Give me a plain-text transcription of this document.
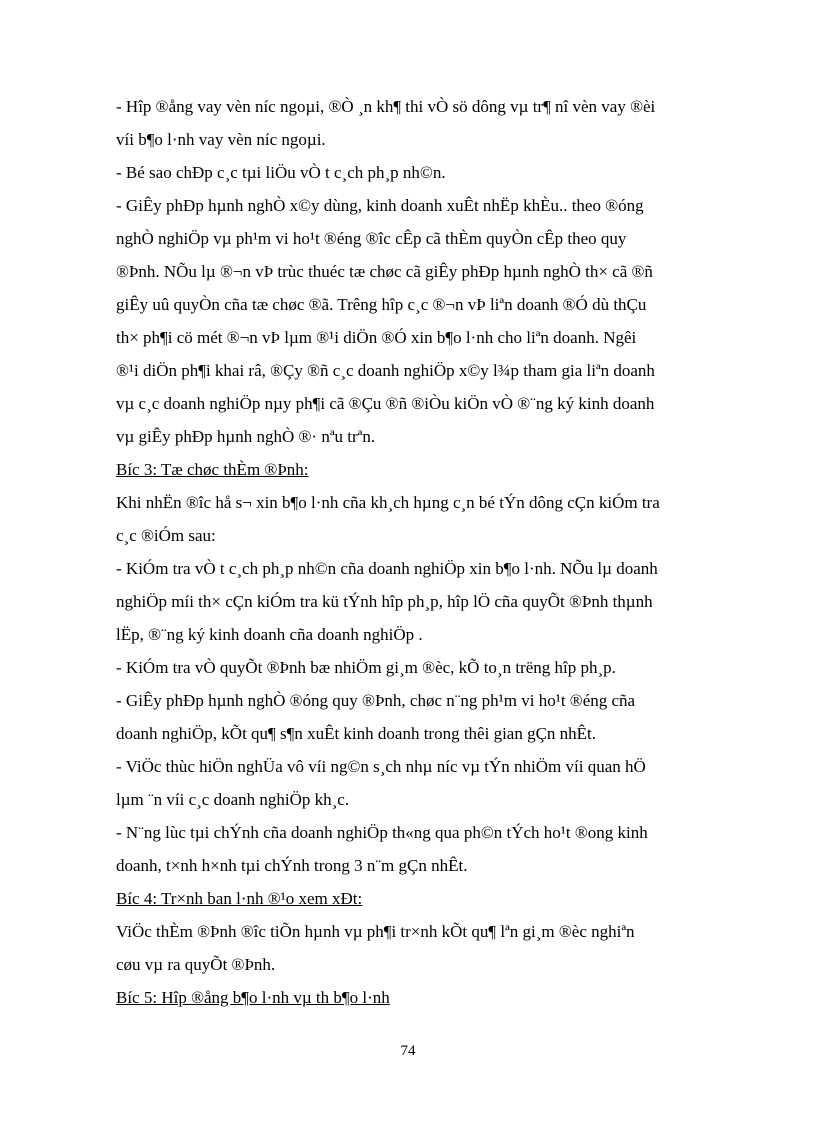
- Hîp ®ång vay vèn níc ngoµi, ®Ò ¸n kh¶ thi vÒ sö dông vµ tr¶ nî vèn vay ®èi
víi b¶o l·nh vay vèn níc ngoµi.
- Bé sao chÐp c¸c tµi liÖu vÒ t c¸ch ph¸p nh©n.
- GiÊy phÐp hµnh nghÒ x©y dùng, kinh doanh xuÊt nhËp khÈu.. theo ®óng
nghÒ nghiÖp vµ ph¹m vi ho¹t ®éng ®îc cÊp cã thÈm quyÒn cÊp theo quy
®Þnh. NÕu lµ ®¬n vÞ trùc thuéc tæ chøc cã giÊy phÐp hµnh nghÒ th× cã ®ñ
giÊy uû quyÒn cña tæ chøc ®ã. Trêng hîp c¸c ®¬n vÞ liªn doanh ®Ó dù thÇu
th× ph¶i cö mét ®¬n vÞ lµm ®¹i diÖn ®Ó xin b¶o l·nh cho liªn doanh. Ngêi
®¹i diÖn ph¶i khai râ, ®Çy ®ñ c¸c doanh nghiÖp x©y l¾p tham gia liªn doanh
vµ c¸c doanh nghiÖp nµy ph¶i cã ®Çu ®ñ ®iÒu kiÖn vÒ ®¨ng ký kinh doanh
vµ giÊy phÐp hµnh nghÒ ®· nªu trªn.
Bíc 3: Tæ chøc thÈm ®Þnh:
Khi nhËn ®îc hå s¬ xin b¶o l·nh cña kh¸ch hµng c¸n bé tÝn dông cÇn kiÓm tra
c¸c ®iÓm sau:
- KiÓm tra vÒ t c¸ch ph¸p nh©n cña doanh nghiÖp xin b¶o l·nh. NÕu lµ doanh
nghiÖp míi th× cÇn kiÓm tra kü tÝnh hîp ph¸p, hîp lÖ cña quyÕt ®Þnh thµnh
lËp, ®¨ng ký kinh doanh cña doanh nghiÖp .
- KiÓm tra vÒ quyÕt ®Þnh bæ nhiÖm gi¸m ®èc, kÕ to¸n trëng hîp ph¸p.
- GiÊy phÐp hµnh nghÒ ®óng quy ®Þnh, chøc n¨ng ph¹m vi ho¹t ®éng cña
doanh nghiÖp, kÕt qu¶ s¶n xuÊt kinh doanh trong thêi gian gÇn nhÊt.
- ViÖc thùc hiÖn nghÜa vô víi ng©n s¸ch nhµ níc vµ tÝn nhiÖm víi quan hÖ
lµm ¨n víi c¸c doanh nghiÖp kh¸c.
- N¨ng lùc tµi chÝnh cña doanh nghiÖp th«ng qua ph©n tÝch ho¹t ®ong kinh
doanh, t×nh h×nh tµi chÝnh trong 3 n¨m gÇn nhÊt.
Bíc 4: Tr×nh ban l·nh ®¹o xem xÐt:
ViÖc thÈm ®Þnh ®îc tiÕn hµnh vµ ph¶i tr×nh kÕt qu¶ lªn gi¸m ®èc nghiªn
cøu vµ ra quyÕt ®Þnh.
Bíc 5: Hîp ®ång b¶o l·nh vµ th b¶o l·nh

74
